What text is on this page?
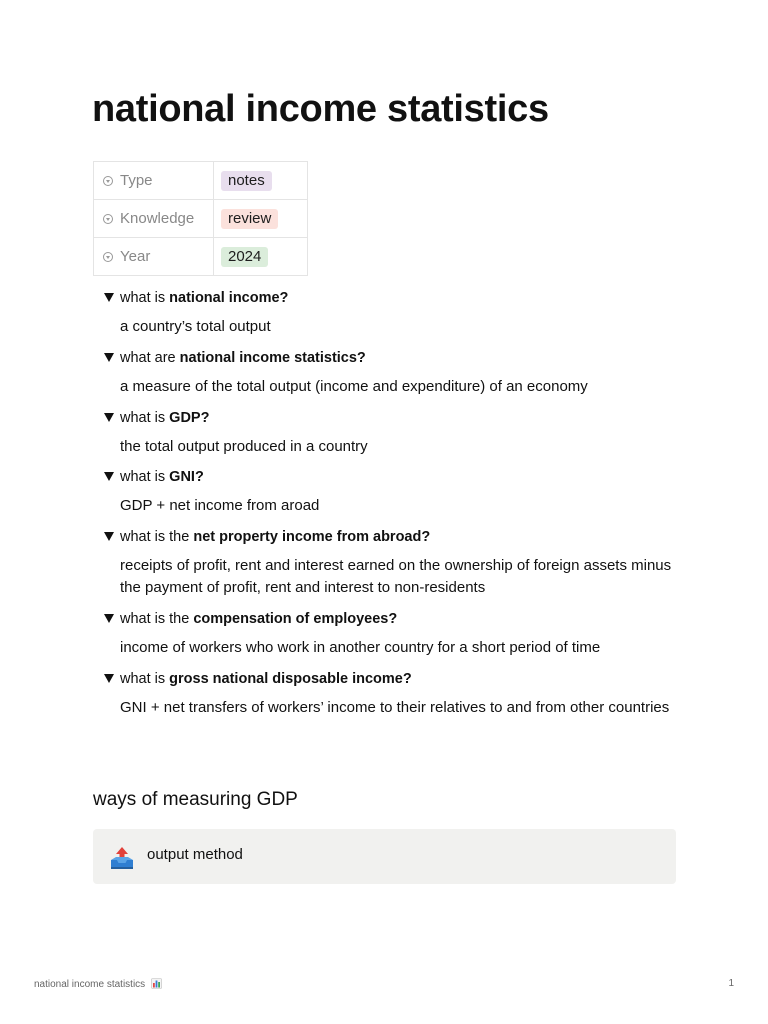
national income statistics
Type	notes
Knowledge	review
Year	2024
what is national income?
a country’s total output
what are national income statistics?
a measure of the total output (income and expenditure) of an economy
what is GDP?
the total output produced in a country
what is GNI?
GDP + net income from aroad
what is the net property income from abroad?
receipts of profit, rent and interest earned on the ownership of foreign assets minus the payment of profit, rent and interest to non-residents
what is the compensation of employees?
income of workers who work in another country for a short period of time
what is gross national disposable income?
GNI + net transfers of workers’ income to their relatives to and from other countries
ways of measuring GDP
output method
national income statistics	1
